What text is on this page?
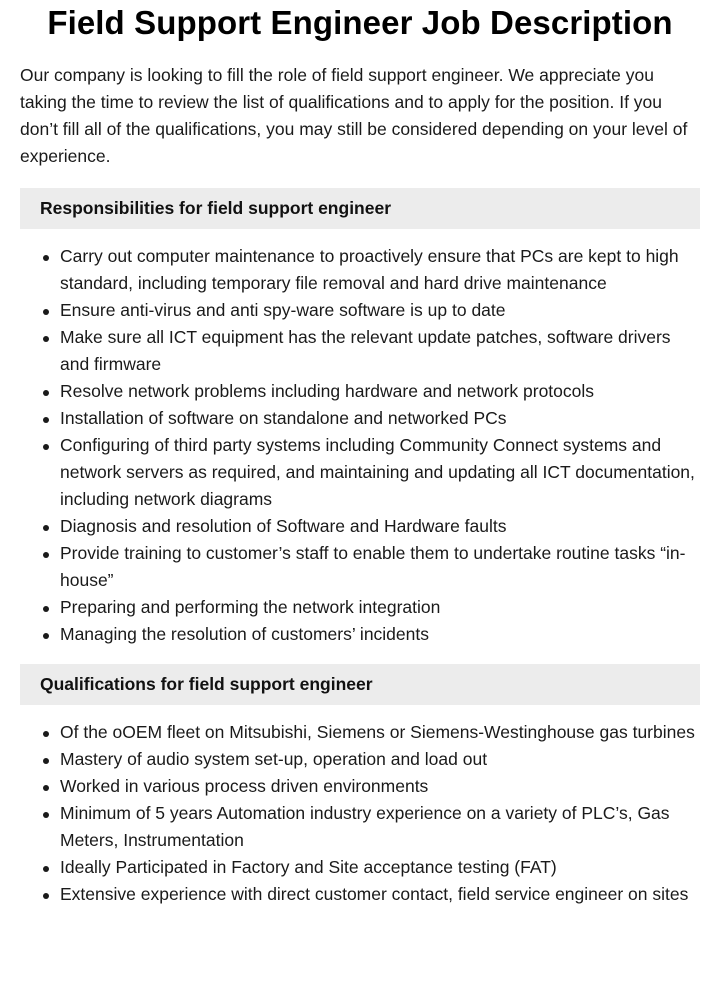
Field Support Engineer Job Description

Our company is looking to fill the role of field support engineer. We appreciate you taking the time to review the list of qualifications and to apply for the position. If you don’t fill all of the qualifications, you may still be considered depending on your level of experience.

Responsibilities for field support engineer
Carry out computer maintenance to proactively ensure that PCs are kept to high standard, including temporary file removal and hard drive maintenance
Ensure anti-virus and anti spy-ware software is up to date
Make sure all ICT equipment has the relevant update patches, software drivers and firmware
Resolve network problems including hardware and network protocols
Installation of software on standalone and networked PCs
Configuring of third party systems including Community Connect systems and network servers as required, and maintaining and updating all ICT documentation, including network diagrams
Diagnosis and resolution of Software and Hardware faults
Provide training to customer’s staff to enable them to undertake routine tasks “in-house”
Preparing and performing the network integration
Managing the resolution of customers’ incidents
Qualifications for field support engineer
Of the oOEM fleet on Mitsubishi, Siemens or Siemens-Westinghouse gas turbines
Mastery of audio system set-up, operation and load out
Worked in various process driven environments
Minimum of 5 years Automation industry experience on a variety of PLC’s, Gas Meters, Instrumentation
Ideally Participated in Factory and Site acceptance testing (FAT)
Extensive experience with direct customer contact, field service engineer on sites
